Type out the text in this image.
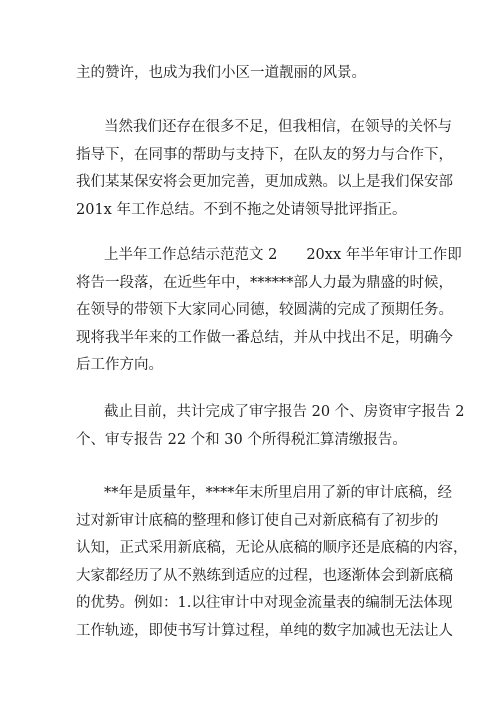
主的赞许，也成为我们小区一道靓丽的风景。

当然我们还存在很多不足，但我相信，在领导的关怀与
指导下，在同事的帮助与支持下，在队友的努力与合作下，
我们某某保安将会更加完善，更加成熟。以上是我们保安部
201x 年工作总结。不到不拖之处请领导批评指正。

上半年工作总结示范范文 2　　20xx 年半年审计工作即
将告一段落，在近些年中，******部人力最为鼎盛的时候，
在领导的带领下大家同心同德，较圆满的完成了预期任务。
现将我半年来的工作做一番总结，并从中找出不足，明确今
后工作方向。

截止目前，共计完成了审字报告 20 个、房资审字报告 2
个、审专报告 22 个和 30 个所得税汇算清缴报告。

**年是质量年，****年末所里启用了新的审计底稿，经
过对新审计底稿的整理和修订使自己对新底稿有了初步的
认知，正式采用新底稿，无论从底稿的顺序还是底稿的内容，
大家都经历了从不熟练到适应的过程，也逐渐体会到新底稿
的优势。例如：1.以往审计中对现金流量表的编制无法体现
工作轨迹，即使书写计算过程，单纯的数字加减也无法让人
